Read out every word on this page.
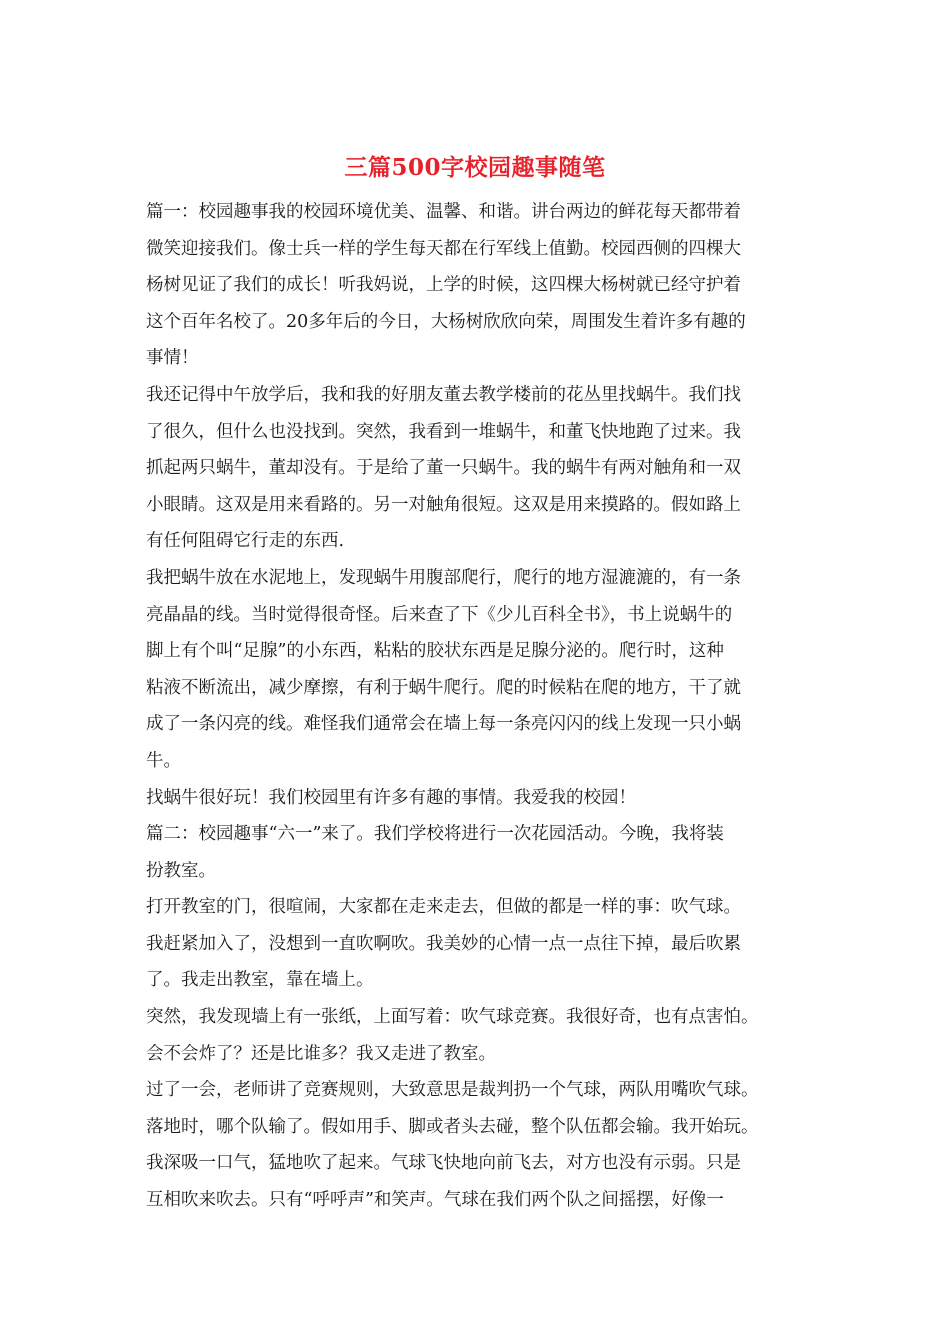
三篇500字校园趣事随笔
篇一：校园趣事我的校园环境优美、温馨、和谐。讲台两边的鲜花每天都带着
微笑迎接我们。像士兵一样的学生每天都在行军线上值勤。校园西侧的四棵大
杨树见证了我们的成长！听我妈说，上学的时候，这四棵大杨树就已经守护着
这个百年名校了。20多年后的今日，大杨树欣欣向荣，周围发生着许多有趣的
事情！
我还记得中午放学后，我和我的好朋友董去教学楼前的花丛里找蜗牛。我们找
了很久，但什么也没找到。突然，我看到一堆蜗牛，和董飞快地跑了过来。我
抓起两只蜗牛，董却没有。于是给了董一只蜗牛。我的蜗牛有两对触角和一双
小眼睛。这双是用来看路的。另一对触角很短。这双是用来摸路的。假如路上
有任何阻碍它行走的东西.
我把蜗牛放在水泥地上，发现蜗牛用腹部爬行，爬行的地方湿漉漉的，有一条
亮晶晶的线。当时觉得很奇怪。后来查了下《少儿百科全书》，书上说蜗牛的
脚上有个叫“足腺”的小东西，粘粘的胶状东西是足腺分泌的。爬行时，这种
粘液不断流出，减少摩擦，有利于蜗牛爬行。爬的时候粘在爬的地方，干了就
成了一条闪亮的线。难怪我们通常会在墙上每一条亮闪闪的线上发现一只小蜗
牛。
找蜗牛很好玩！我们校园里有许多有趣的事情。我爱我的校园！
篇二：校园趣事“六一”来了。我们学校将进行一次花园活动。今晚，我将装
扮教室。
打开教室的门，很喧闹，大家都在走来走去，但做的都是一样的事：吹气球。
我赶紧加入了，没想到一直吹啊吹。我美妙的心情一点一点往下掉，最后吹累
了。我走出教室，靠在墙上。
突然，我发现墙上有一张纸，上面写着：吹气球竞赛。我很好奇，也有点害怕。
会不会炸了？还是比谁多？我又走进了教室。
过了一会，老师讲了竞赛规则，大致意思是裁判扔一个气球，两队用嘴吹气球。
落地时，哪个队输了。假如用手、脚或者头去碰，整个队伍都会输。我开始玩。
我深吸一口气，猛地吹了起来。气球飞快地向前飞去，对方也没有示弱。只是
互相吹来吹去。只有“呼呼声”和笑声。气球在我们两个队之间摇摆，好像一
